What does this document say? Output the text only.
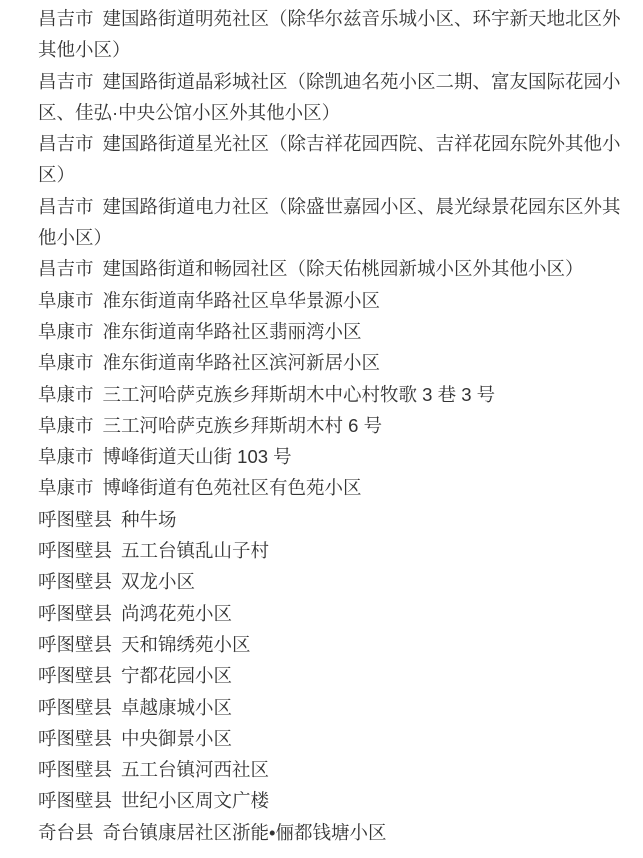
昌吉市 建国路街道明苑社区（除华尔兹音乐城小区、环宇新天地北区外其他小区）

昌吉市 建国路街道晶彩城社区（除凯迪名苑小区二期、富友国际花园小区、佳弘·中央公馆小区外其他小区）

昌吉市 建国路街道星光社区（除吉祥花园西院、吉祥花园东院外其他小区）

昌吉市 建国路街道电力社区（除盛世嘉园小区、晨光绿景花园东区外其他小区）

昌吉市 建国路街道和畅园社区（除天佑桃园新城小区外其他小区）

阜康市 准东街道南华路社区阜华景源小区

阜康市 准东街道南华路社区翡丽湾小区

阜康市 准东街道南华路社区滨河新居小区

阜康市 三工河哈萨克族乡拜斯胡木中心村牧歌 3 巷 3 号

阜康市 三工河哈萨克族乡拜斯胡木村 6 号

阜康市 博峰街道天山街 103 号

阜康市 博峰街道有色苑社区有色苑小区

呼图壁县 种牛场

呼图壁县 五工台镇乱山子村

呼图壁县 双龙小区

呼图壁县 尚鸿花苑小区

呼图壁县 天和锦绣苑小区

呼图壁县 宁都花园小区

呼图壁县 卓越康城小区

呼图壁县 中央御景小区

呼图壁县 五工台镇河西社区

呼图壁县 世纪小区周文广楼

奇台县 奇台镇康居社区浙能•俪都钱塘小区
